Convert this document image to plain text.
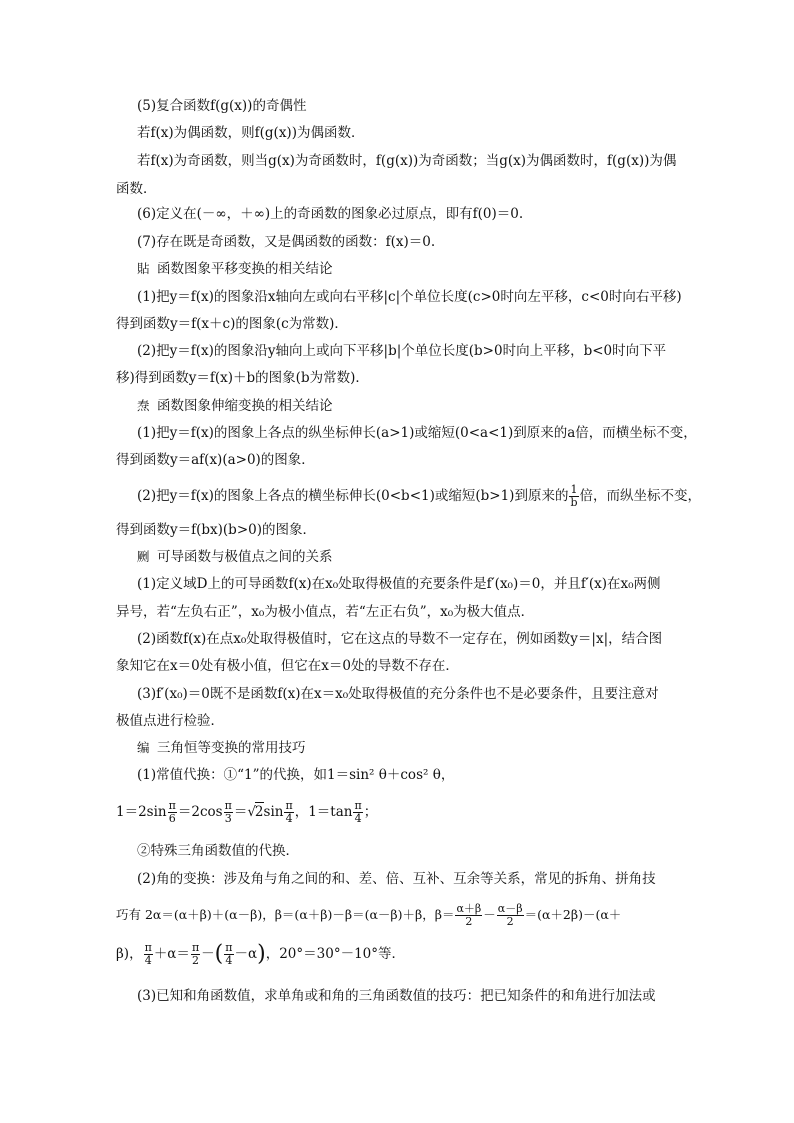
(5)复合函数f(g(x))的奇偶性
若f(x)为偶函数，则f(g(x))为偶函数．
若f(x)为奇函数，则当g(x)为奇函数时，f(g(x))为奇函数；当g(x)为偶函数时，f(g(x))为偶
函数．
(6)定义在(－∞，＋∞)上的奇函数的图象必过原点，即有f(0)＝0.
(7)存在既是奇函数，又是偶函数的函数：f(x)＝0.
貼 函数图象平移变换的相关结论
(1)把y＝f(x)的图象沿x轴向左或向右平移|c|个单位长度(c>0时向左平移，c<0时向右平移)
得到函数y＝f(x＋c)的图象(c为常数)．
(2)把y＝f(x)的图象沿y轴向上或向下平移|b|个单位长度(b>0时向上平移，b<0时向下平
移)得到函数y＝f(x)＋b的图象(b为常数)．
焘 函数图象伸缩变换的相关结论
(1)把y＝f(x)的图象上各点的纵坐标伸长(a>1)或缩短(0<a<1)到原来的a倍，而横坐标不变，
得到函数y＝af(x)(a>0)的图象．
(2)把y＝f(x)的图象上各点的横坐标伸长(0<b<1)或缩短(b>1)到原来的 $\frac{1}{b}$ 倍，而纵坐标不变，
得到函数y＝f(bx)(b>0)的图象．
劂 可导函数与极值点之间的关系
(1)定义域D上的可导函数f(x)在x₀处取得极值的充要条件是f′(x₀)＝0，并且f′(x)在x₀两侧
异号，若“左负右正”，x₀为极小值点，若“左正右负”，x₀为极大值点．
(2)函数f(x)在点x₀处取得极值时，它在这点的导数不一定存在，例如函数y＝|x|，结合图
象知它在x＝0处有极小值，但它在x＝0处的导数不存在．
(3)f′(x₀)＝0既不是函数f(x)在x＝x₀处取得极值的充分条件也不是必要条件，且要注意对
极值点进行检验．
编 三角恒等变换的常用技巧
(1)常值代换：①“1”的代换，如1＝sin² θ＋cos² θ，
$1=2\sin \frac{\pi}{6} =2\cos \frac{\pi}{3} =√2\sin \frac{\pi}{4}$ ，$1=\tan \frac{\pi}{4}$ ；
②特殊三角函数值的代换．
(2)角的变换：涉及角与角之间的和、差、倍、互补、互余等关系，常见的拆角、拼角技
巧有 2α＝(α＋β)＋(α－β)，β＝(α＋β)－β＝(α－β)＋β，$\beta= \frac{\alpha+\beta}{2} - \frac{\alpha-\beta}{2} =(\alpha+2\beta)-(\alpha+$
β)， $\frac{\pi}{4} +\alpha= \frac{\pi}{2}$ －( $\frac{\pi}{4} -\alpha$)，20°＝30°－10°等．
(3)已知和角函数值，求单角或和角的三角函数值的技巧：把已知条件的和角进行加法或
